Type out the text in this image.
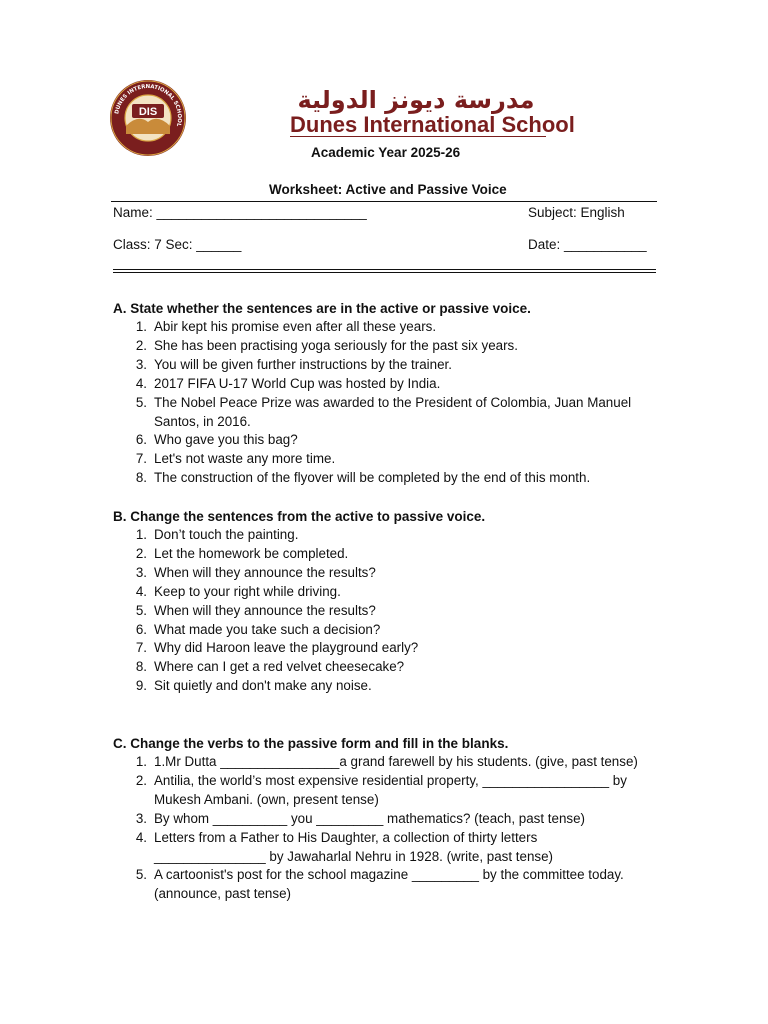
DUNES INTERNATIONAL SCHOOL
DIS	مدرسة ديونز الدولية
Dunes International School
Academic Year 2025-26
Worksheet: Active and Passive Voice
Name: ____________________________	Subject: English
Class: 7 Sec: ______	Date: ___________
A. State whether the sentences are in the active or passive voice.
1. Abir kept his promise even after all these years.
2. She has been practising yoga seriously for the past six years.
3. You will be given further instructions by the trainer.
4. 2017 FIFA U-17 World Cup was hosted by India.
5. The Nobel Peace Prize was awarded to the President of Colombia, Juan Manuel
Santos, in 2016.
6. Who gave you this bag?
7. Let's not waste any more time.
8. The construction of the flyover will be completed by the end of this month.
B. Change the sentences from the active to passive voice.
1. Don’t touch the painting.
2. Let the homework be completed.
3. When will they announce the results?
4. Keep to your right while driving.
5. When will they announce the results?
6. What made you take such a decision?
7. Why did Haroon leave the playground early?
8. Where can I get a red velvet cheesecake?
9. Sit quietly and don't make any noise.
C. Change the verbs to the passive form and fill in the blanks.
1. 1.Mr Dutta ________________a grand farewell by his students. (give, past tense)
2. Antilia, the world’s most expensive residential property, _________________ by
Mukesh Ambani. (own, present tense)
3. By whom __________ you _________ mathematics? (teach, past tense)
4. Letters from a Father to His Daughter, a collection of thirty letters
_______________ by Jawaharlal Nehru in 1928. (write, past tense)
5. A cartoonist's post for the school magazine _________ by the committee today.
(announce, past tense)
